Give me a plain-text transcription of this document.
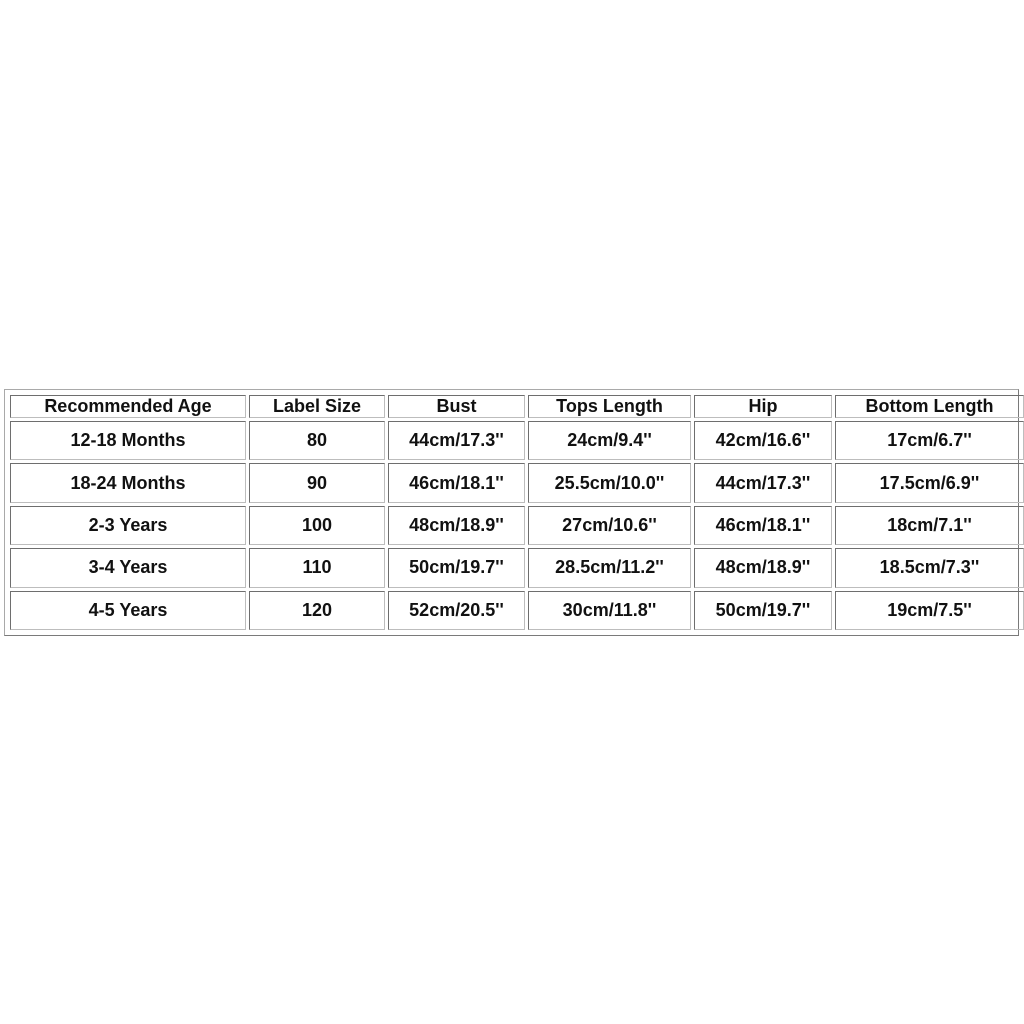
Recommended Age	Label Size	Bust	Tops Length	Hip	Bottom Length
12-18 Months	80	44cm/17.3''	24cm/9.4''	42cm/16.6''	17cm/6.7''
18-24 Months	90	46cm/18.1''	25.5cm/10.0''	44cm/17.3''	17.5cm/6.9''
2-3 Years	100	48cm/18.9''	27cm/10.6''	46cm/18.1''	18cm/7.1''
3-4 Years	110	50cm/19.7''	28.5cm/11.2''	48cm/18.9''	18.5cm/7.3''
4-5 Years	120	52cm/20.5''	30cm/11.8''	50cm/19.7''	19cm/7.5''
